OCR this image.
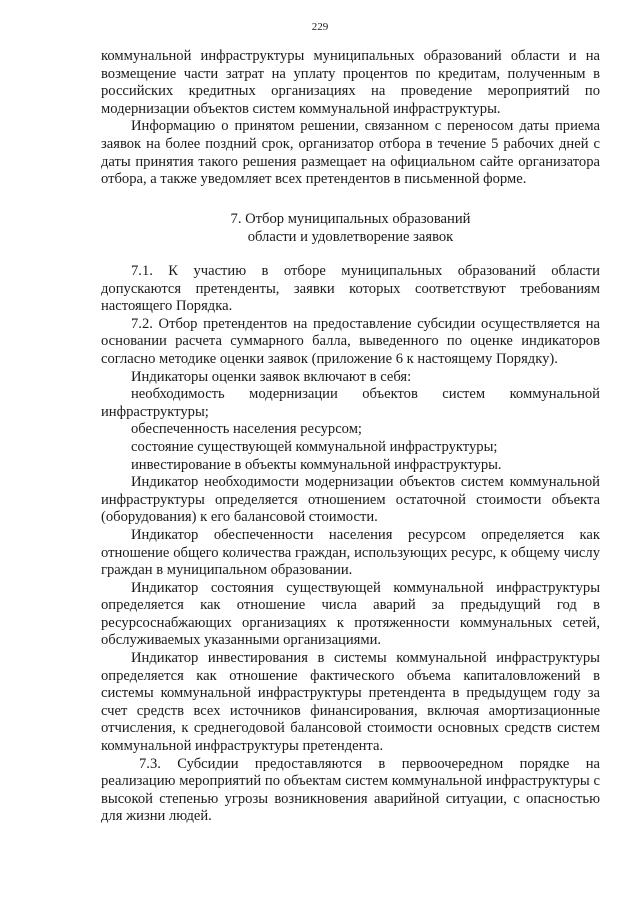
229

коммунальной инфраструктуры муниципальных образований области и на возмещение части затрат на уплату процентов по кредитам, полученным в российских кредитных организациях на проведение мероприятий по модернизации объектов систем коммунальной инфраструктуры.

Информацию о принятом решении, связанном с переносом даты приема заявок на более поздний срок, организатор отбора в течение 5 рабочих дней с даты принятия такого решения размещает на официальном сайте организатора отбора, а также уведомляет всех претендентов в письменной форме.

7. Отбор муниципальных образований
области и удовлетворение заявок

7.1. К участию в отборе муниципальных образований области допускаются претенденты, заявки которых соответствуют требованиям настоящего Порядка.

7.2. Отбор претендентов на предоставление субсидии осуществляется на основании расчета суммарного балла, выведенного по оценке индикаторов согласно методике оценки заявок (приложение 6 к настоящему Порядку).

Индикаторы оценки заявок включают в себя:

необходимость модернизации объектов систем коммунальной инфраструктуры;

обеспеченность населения ресурсом;

состояние существующей коммунальной инфраструктуры;

инвестирование в объекты коммунальной инфраструктуры.

Индикатор необходимости модернизации объектов систем коммунальной инфраструктуры определяется отношением остаточной стоимости объекта (оборудования) к его балансовой стоимости.

Индикатор обеспеченности населения ресурсом определяется как отношение общего количества граждан, использующих ресурс, к общему числу граждан в муниципальном образовании.

Индикатор состояния существующей коммунальной инфраструктуры определяется как отношение числа аварий за предыдущий год в ресурсоснабжающих организациях к протяженности коммунальных сетей, обслуживаемых указанными организациями.

Индикатор инвестирования в системы коммунальной инфраструктуры определяется как отношение фактического объема капиталовложений в системы коммунальной инфраструктуры претендента в предыдущем году за счет средств всех источников финансирования, включая амортизационные отчисления, к среднегодовой балансовой стоимости основных средств систем коммунальной инфраструктуры претендента.

7.3. Субсидии предоставляются в первоочередном порядке на реализацию мероприятий по объектам систем коммунальной инфраструктуры с высокой степенью угрозы возникновения аварийной ситуации, с опасностью для жизни людей.
